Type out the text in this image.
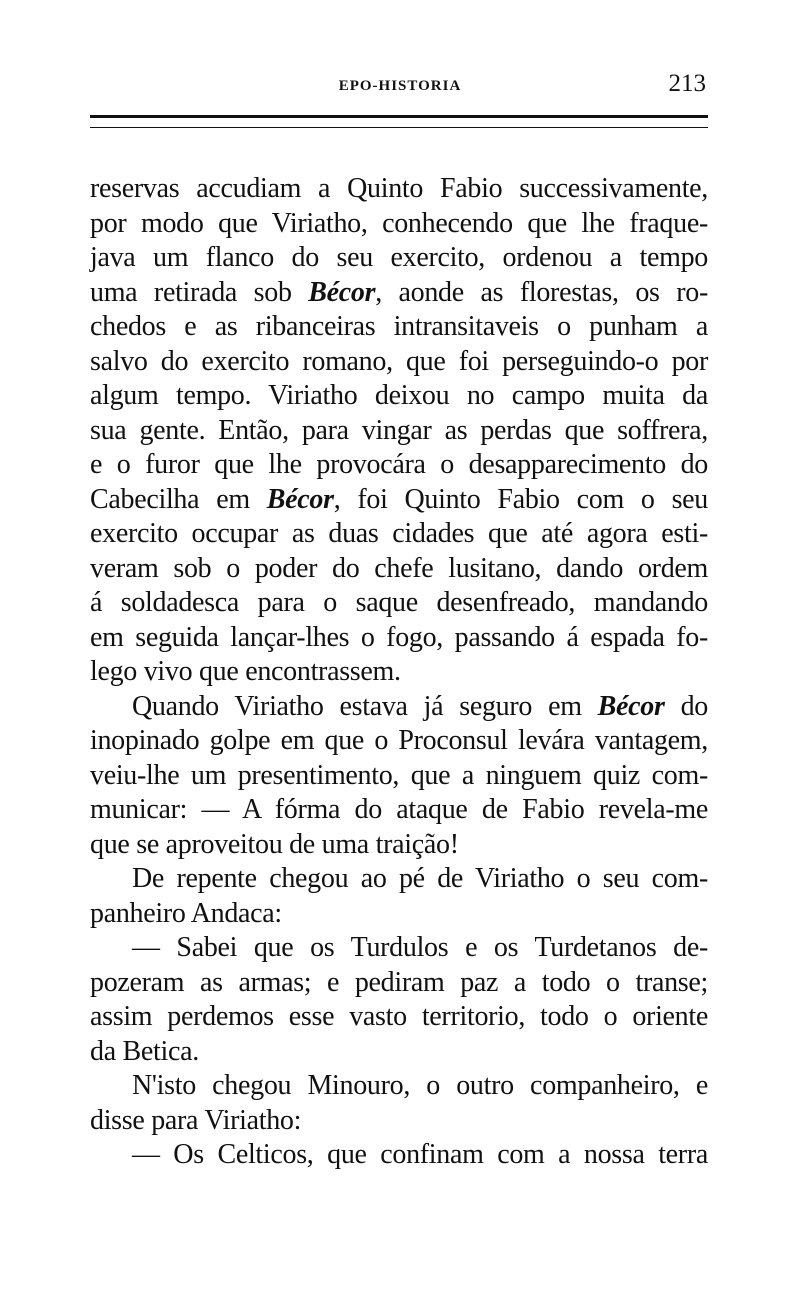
EPO-HISTORIA	213

reservas accudiam a Quinto Fabio successivamente,

por modo que Viriatho, conhecendo que lhe fraque-

java um flanco do seu exercito, ordenou a tempo

uma retirada sob Bécor, aonde as florestas, os ro-

chedos e as ribanceiras intransitaveis o punham a

salvo do exercito romano, que foi perseguindo-o por

algum tempo. Viriatho deixou no campo muita da

sua gente. Então, para vingar as perdas que soffrera,

e o furor que lhe provocára o desapparecimento do

Cabecilha em Bécor, foi Quinto Fabio com o seu

exercito occupar as duas cidades que até agora esti-

veram sob o poder do chefe lusitano, dando ordem

á soldadesca para o saque desenfreado, mandando

em seguida lançar-lhes o fogo, passando á espada fo-

lego vivo que encontrassem.

Quando Viriatho estava já seguro em Bécor do

inopinado golpe em que o Proconsul levára vantagem,

veiu-lhe um presentimento, que a ninguem quiz com-

municar: — A fórma do ataque de Fabio revela-me

que se aproveitou de uma traição!

De repente chegou ao pé de Viriatho o seu com-

panheiro Andaca:

— Sabei que os Turdulos e os Turdetanos de-

pozeram as armas; e pediram paz a todo o transe;

assim perdemos esse vasto territorio, todo o oriente

da Betica.

N'isto chegou Minouro, o outro companheiro, e

disse para Viriatho:

— Os Celticos, que confinam com a nossa terra
